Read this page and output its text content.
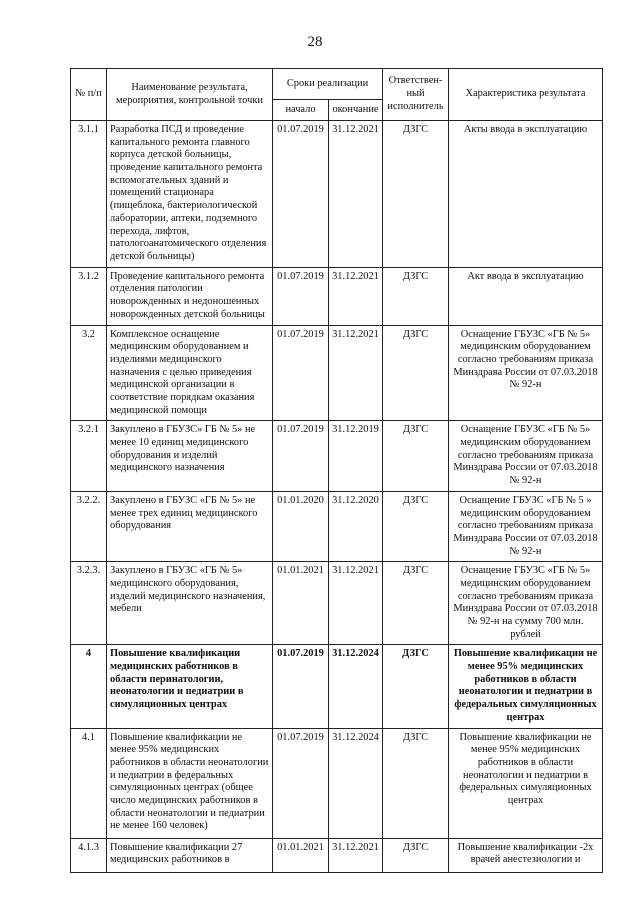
28
№ п/п	Наименование результата, мероприятия, контрольной точки	Сроки реализации		Ответствен-ный исполнитель	Характеристика результата
		начало	окончание		
3.1.1	Разработка ПСД и проведение капитального ремонта главного корпуса детской больницы, проведение капитального ремонта вспомогательных зданий и помещений стационара (пищеблока, бактериологической лаборатории, аптеки, подземного перехода, лифтов, патологоанатомического отделения детской больницы)	01.07.2019	31.12.2021	ДЗГС	Акты ввода в эксплуатацию
3.1.2	Проведение капитального ремонта отделения патологии новорожденных и недоношенных новорожденных детской больницы	01.07.2019	31.12.2021	ДЗГС	Акт ввода в эксплуатацию
3.2	Комплексное оснащение медицинским оборудованием и изделиями медицинского назначения с целью приведения медицинской организации в соответствие порядкам оказания медицинской помощи	01.07.2019	31.12.2021	ДЗГС	Оснащение ГБУЗС «ГБ № 5» медицинским оборудованием согласно требованиям приказа Минздрава России от 07.03.2018 № 92-н
3.2.1	Закуплено в ГБУЗС» ГБ № 5» не менее 10 единиц медицинского оборудования и изделий медицинского назначения	01.07.2019	31.12.2019	ДЗГС	Оснащение ГБУЗС «ГБ № 5» медицинским оборудованием согласно требованиям приказа Минздрава России от 07.03.2018 № 92-н
3.2.2.	Закуплено в ГБУЗС «ГБ № 5» не менее трех единиц медицинского оборудования	01.01.2020	31.12.2020	ДЗГС	Оснащение ГБУЗС «ГБ № 5 » медицинским оборудованием согласно требованиям приказа Минздрава России от 07.03.2018 № 92-н
3.2.3.	Закуплено в ГБУЗС «ГБ № 5» медицинского оборудования, изделий медицинского назначения, мебели	01.01.2021	31.12.2021	ДЗГС	Оснащение ГБУЗС «ГБ № 5» медицинским оборудованием согласно требованиям приказа Минздрава России от 07.03.2018 № 92-н на сумму 700 млн. рублей
4	Повышение квалификации медицинских работников в области перинатологии, неонатологии и педиатрии в симуляционных центрах	01.07.2019	31.12.2024	ДЗГС	Повышение квалификации не менее 95% медицинских работников в области неонатологии и педиатрии в федеральных симуляционных центрах
4.1	Повышение квалификации не менее 95% медицинских работников в области неонатологии и педиатрии в федеральных симуляционных центрах (общее число медицинских работников в области неонатологии и педиатрии не менее 160 человек)	01.07.2019	31.12.2024	ДЗГС	Повышение квалификации не менее 95% медицинских работников в области неонатологии и педиатрии в федеральных симуляционных центрах
4.1.3	Повышение квалификации 27 медицинских работников в	01.01.2021	31.12.2021	ДЗГС	Повышение квалификации -2х врачей анестезиологии и
